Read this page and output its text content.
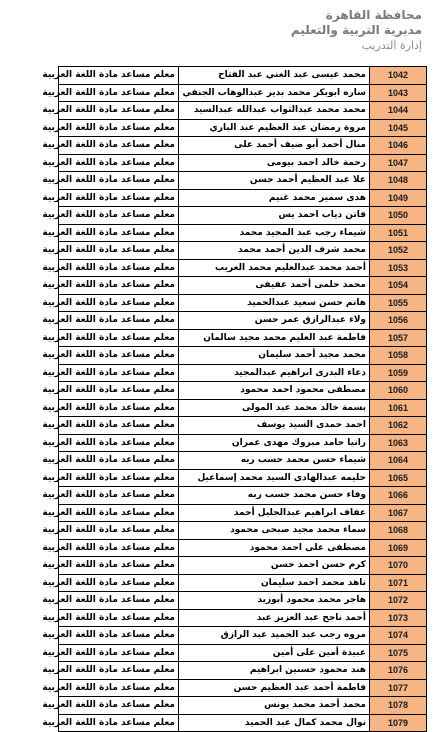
محافظة القاهرة
مديرية التربية والتعليم
إدارة التدريب
1042	محمد عيسى عبد الغني عبد الفتاح	معلم مساعد مادة اللغة العربية
1043	ساره ابوبكر محمد بدير عبدالوهاب الجنفي	معلم مساعد مادة اللغة العربية
1044	محمد محمد عبدالتواب عبدالله عبدالسيد	معلم مساعد مادة اللغة العربية
1045	مروة رمضان عبد العظيم عبد الباري	معلم مساعد مادة اللغة العربية
1046	منال أحمد أبو ضيف أحمد على	معلم مساعد مادة اللغة العربية
1047	رحمة خالد احمد بيومى	معلم مساعد مادة اللغة العربية
1048	علا عبد العظيم أحمد حسن	معلم مساعد مادة اللغة العربية
1049	هدى سمير محمد غنيم	معلم مساعد مادة اللغة العربية
1050	فاتن دياب احمد يس	معلم مساعد مادة اللغة العربية
1051	شيماء رجب عبد المجيد محمد	معلم مساعد مادة اللغة العربية
1052	محمد شرف الدين أحمد محمد	معلم مساعد مادة اللغة العربية
1053	أحمد محمد عبدالعليم محمد الغريب	معلم مساعد مادة اللغة العربية
1054	محمد حلمى أحمد عفيفى	معلم مساعد مادة اللغة العربية
1055	هانم حسن سعيد عبدالحميد	معلم مساعد مادة اللغة العربية
1056	ولاء عبدالرازق عمر حسن	معلم مساعد مادة اللغة العربية
1057	فاطمة عبد العليم محمد مجيد سالمان	معلم مساعد مادة اللغة العربية
1058	محمد مجيد أحمد سليمان	معلم مساعد مادة اللغة العربية
1059	دعاء البدرى ابراهيم عبدالمجيد	معلم مساعد مادة اللغة العربية
1060	مصطفى محمود احمد محمود	معلم مساعد مادة اللغة العربية
1061	بسمة خالد محمد عبد المولى	معلم مساعد مادة اللغة العربية
1062	احمد حمدى السيد يوسف	معلم مساعد مادة اللغة العربية
1063	رانيا حامد مبروك مهدى عمران	معلم مساعد مادة اللغة العربية
1064	شيماء حسن محمد حسب ربه	معلم مساعد مادة اللغة العربية
1065	حليمه عبدالهادى السيد محمد إسماعيل	معلم مساعد مادة اللغة العربية
1066	وفاء حسن محمد حسب ربه	معلم مساعد مادة اللغة العربية
1067	عفاف ابراهيم عبدالجليل أحمد	معلم مساعد مادة اللغة العربية
1068	سماء محمد مجيد صبحى محمود	معلم مساعد مادة اللغة العربية
1069	مصطفى على احمد محمود	معلم مساعد مادة اللغة العربية
1070	كرم حسن احمد حسن	معلم مساعد مادة اللغة العربية
1071	ناهد محمد احمد سليمان	معلم مساعد مادة اللغة العربية
1072	هاجر محمد محمود أبوزيد	معلم مساعد مادة اللغة العربية
1073	أحمد ناجح عبد العزيز عبد	معلم مساعد مادة اللغة العربية
1074	مروه رجب عبد الحميد عبد الرازق	معلم مساعد مادة اللغة العربية
1075	عبيدة أمين على أمين	معلم مساعد مادة اللغة العربية
1076	هند محمود حسنين ابراهيم	معلم مساعد مادة اللغة العربية
1077	فاطمة أحمد عبد العظيم حسن	معلم مساعد مادة اللغة العربية
1078	محمد أحمد محمد يونس	معلم مساعد مادة اللغة العربية
1079	نوال محمد كمال عبد الحميد	معلم مساعد مادة اللغة العربية
